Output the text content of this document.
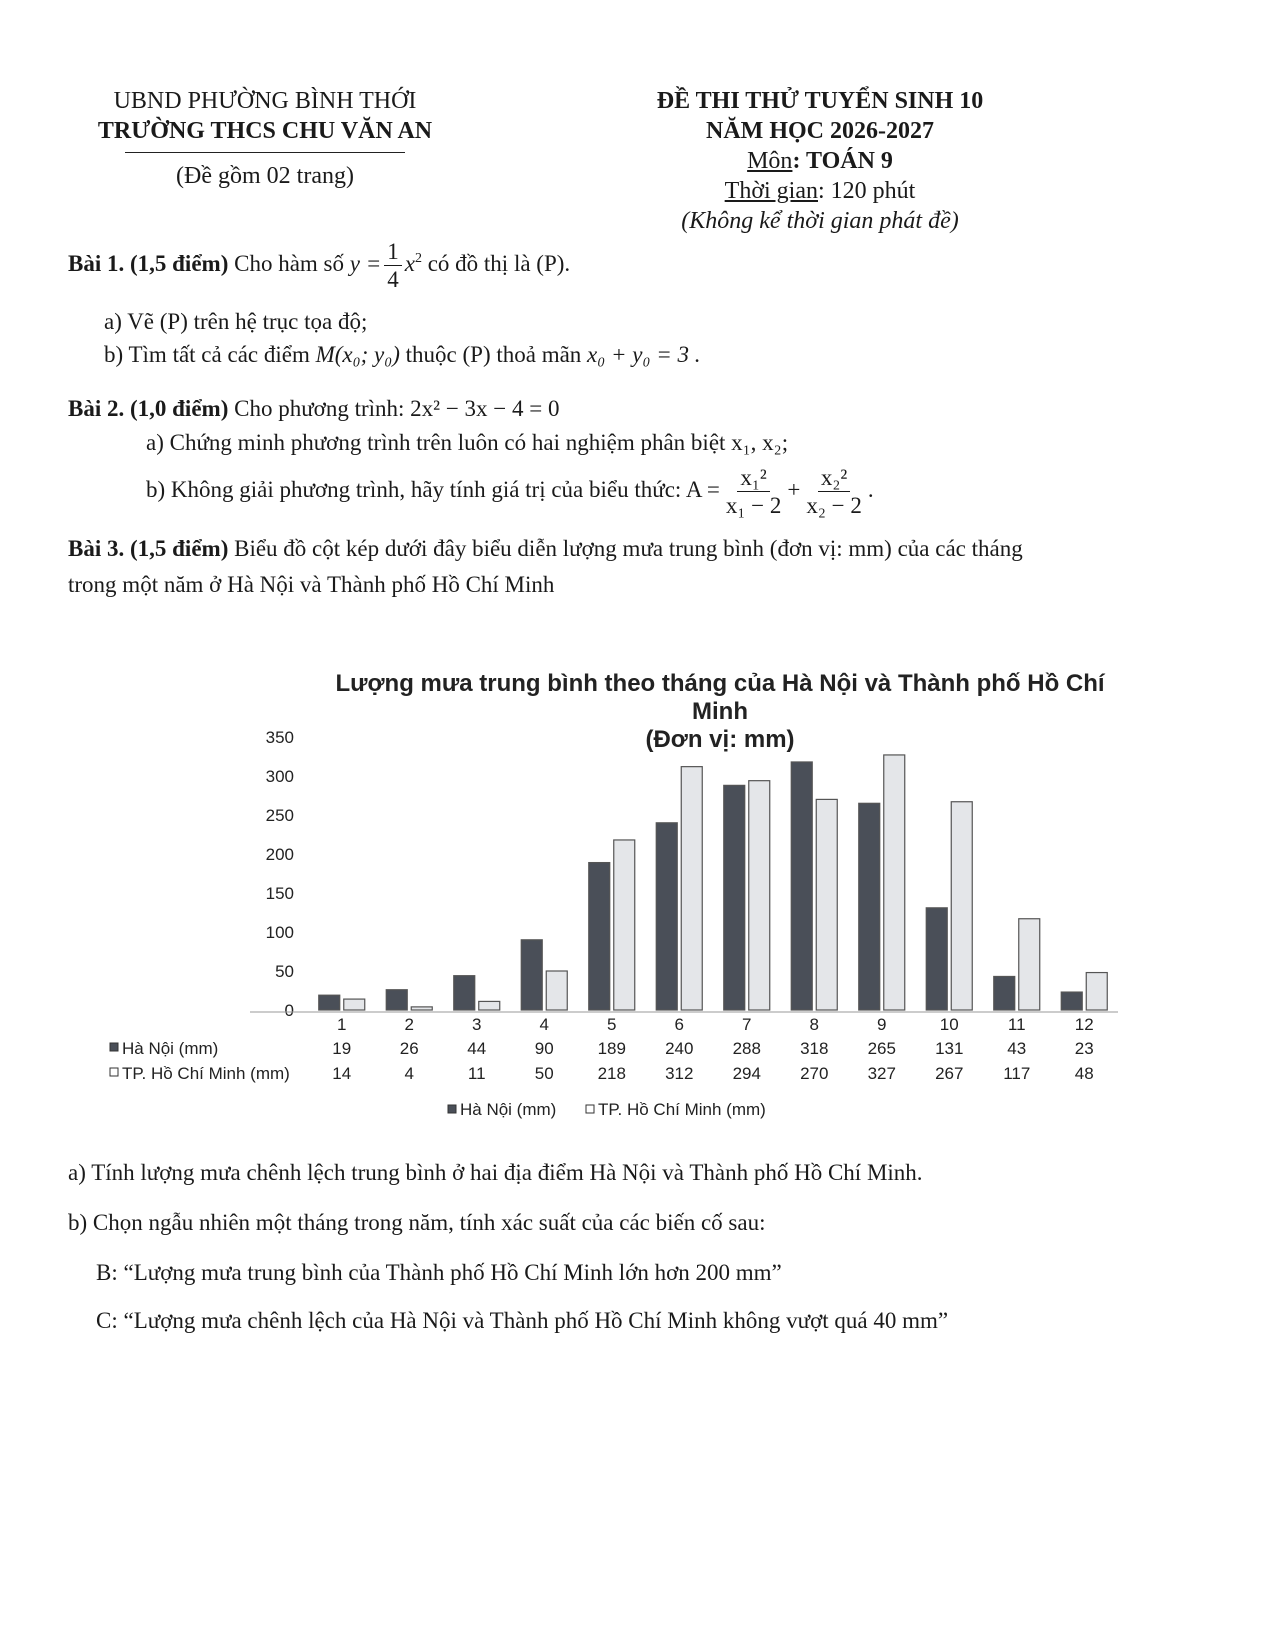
UBND PHƯỜNG BÌNH THỚI
TRƯỜNG THCS CHU VĂN AN
(Đề gồm 02 trang)
ĐỀ THI THỬ TUYỂN SINH 10
NĂM HỌC 2026-2027
Môn: TOÁN 9
Thời gian: 120 phút
(Không kể thời gian phát đề)
Bài 1. (1,5 điểm) Cho hàm số $y = \frac{1}{4} x^2$ có đồ thị là (P).
a) Vẽ (P) trên hệ trục tọa độ;
b) Tìm tất cả các điểm M(x₀; y₀) thuộc (P) thoả mãn x₀ + y₀ = 3 .
Bài 2. (1,0 điểm) Cho phương trình: 2x² − 3x − 4 = 0
a) Chứng minh phương trình trên luôn có hai nghiệm phân biệt x₁, x₂;
b) Không giải phương trình, hãy tính giá trị của biểu thức: $A = \frac{\text{x₁²}}{\text{x₁ − 2}} + \frac{\text{x₂²}}{\text{x₂ − 2}}$ .
Bài 3. (1,5 điểm) Biểu đồ cột kép dưới đây biểu diễn lượng mưa trung bình (đơn vị: mm) của các tháng
trong một năm ở Hà Nội và Thành phố Hồ Chí Minh
Lượng mưa trung bình theo tháng của Hà Nội và Thành phố Hồ Chí
Minh
(Đơn vị: mm)
0
50
100
150
200
250
300
350
1	2	3	4	5	6	7	8	9	10	11	12
Hà Nội (mm)	19	26	44	90	189 240 288 318 265 131	43	23
TP. Hồ Chí Minh (mm) 14	4	11	50	218 312 294 270 327 267 117	48
Hà Nội (mm) TP. Hồ Chí Minh (mm)
a) Tính lượng mưa chênh lệch trung bình ở hai địa điểm Hà Nội và Thành phố Hồ Chí Minh.
b) Chọn ngẫu nhiên một tháng trong năm, tính xác suất của các biến cố sau:
B: “Lượng mưa trung bình của Thành phố Hồ Chí Minh lớn hơn 200 mm”
C: “Lượng mưa chênh lệch của Hà Nội và Thành phố Hồ Chí Minh không vượt quá 40 mm”
